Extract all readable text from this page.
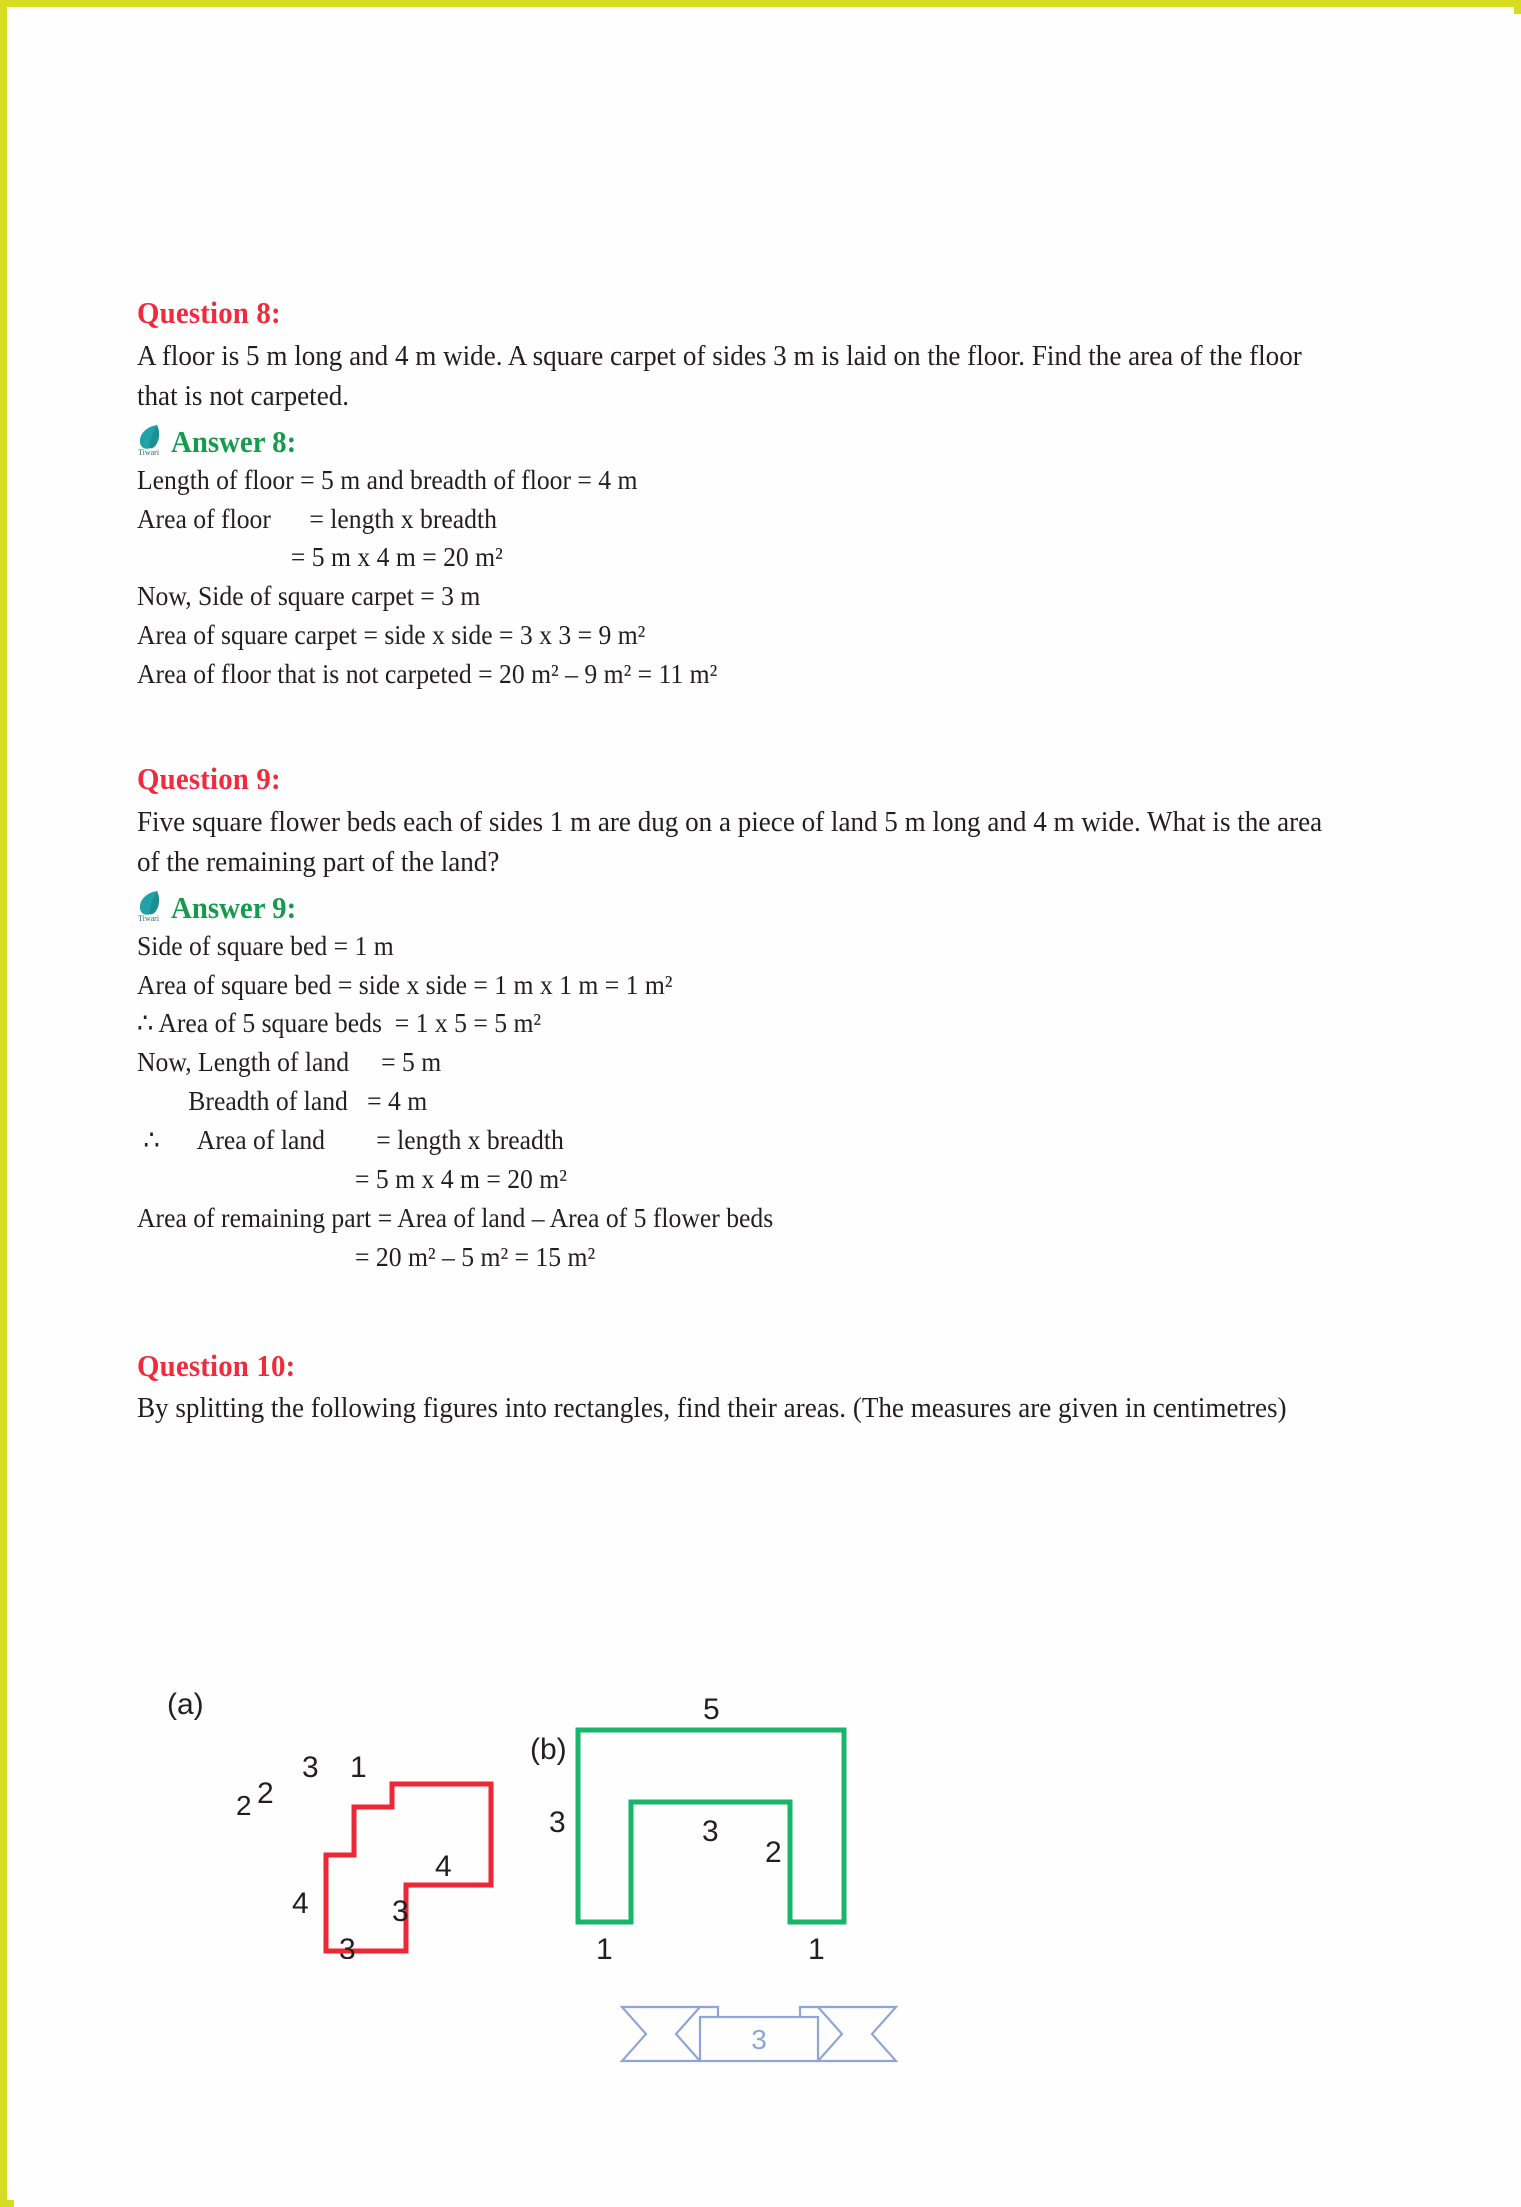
Question 8:

A floor is 5 m long and 4 m wide. A square carpet of sides 3 m is laid on the floor. Find the area of the floor that is not carpeted.

Tiwari Answer 8:
Length of floor = 5 m and breadth of floor = 4 m
Area of floor      = length x breadth
= 5 m x 4 m = 20 m²
Now, Side of square carpet = 3 m
Area of square carpet = side x side = 3 x 3 = 9 m²
Area of floor that is not carpeted = 20 m² – 9 m² = 11 m²

Question 9:

Five square flower beds each of sides 1 m are dug on a piece of land 5 m long and 4 m wide. What is the area of the remaining part of the land?

Tiwari Answer 9:
Side of square bed = 1 m
Area of square bed = side x side = 1 m x 1 m = 1 m²
∴ Area of 5 square beds  = 1 x 5 = 5 m²
Now, Length of land     = 5 m
Breadth of land   = 4 m
∴      Area of land        = length x breadth
= 5 m x 4 m = 20 m²
Area of remaining part = Area of land – Area of 5 flower beds
= 20 m² – 5 m² = 15 m²

Question 10:

By splitting the following figures into rectangles, find their areas. (The measures are given in centimetres)

(a)
3 1
2 2
4
4
3
3
(b)
5
3	3
2
1	1
3
